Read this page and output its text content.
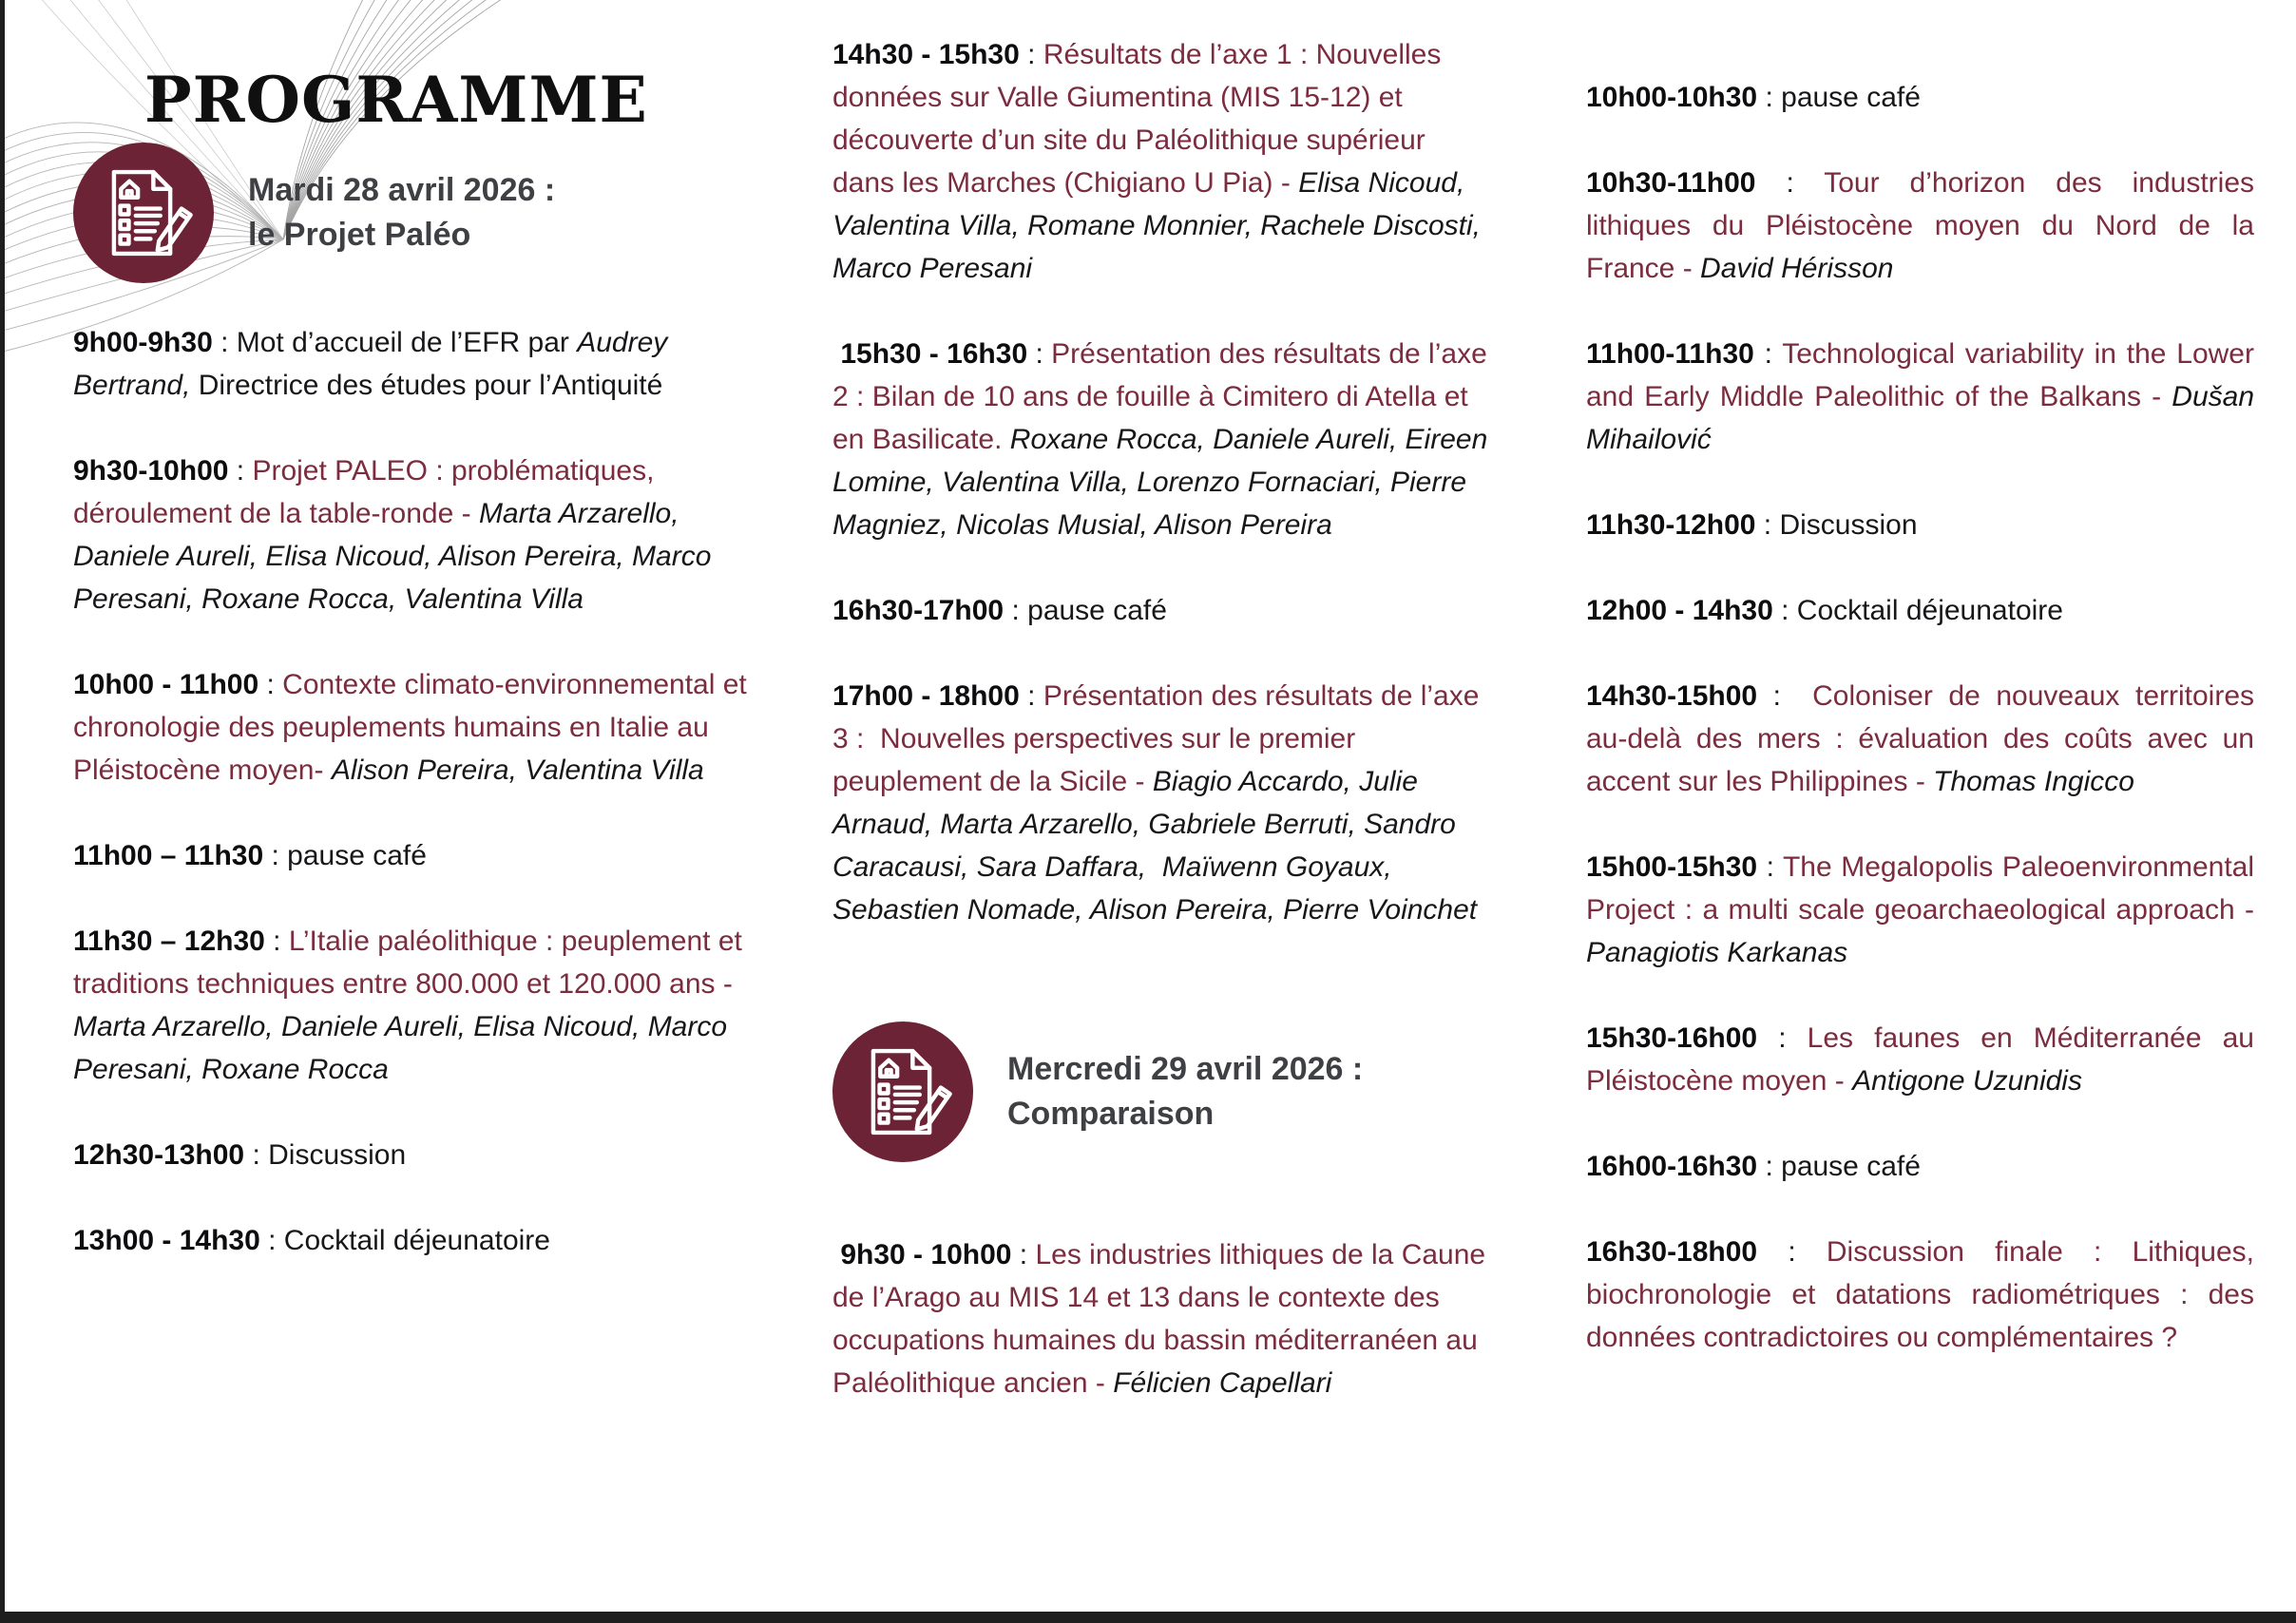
PROGRAMME
Mardi 28 avril 2026 :
le Projet Paléo

9h00-9h30 : Mot d’accueil de l’EFR par Audrey Bertrand, Directrice des études pour l’Antiquité

9h30-10h00 : Projet PALEO : problématiques, déroulement de la table-ronde - Marta Arzarello, Daniele Aureli, Elisa Nicoud, Alison Pereira, Marco Peresani, Roxane Rocca, Valentina Villa

10h00 - 11h00 : Contexte climato-environnemental et chronologie des peuplements humains en Italie au Pléistocène moyen- Alison Pereira, Valentina Villa

11h00 – 11h30 : pause café

11h30 – 12h30 : L’Italie paléolithique : peuplement et traditions techniques entre 800.000 et 120.000 ans - Marta Arzarello, Daniele Aureli, Elisa Nicoud, Marco Peresani, Roxane Rocca

12h30-13h00 : Discussion

13h00 - 14h30 : Cocktail déjeunatoire

14h30 - 15h30 : Résultats de l’axe 1 : Nouvelles données sur Valle Giumentina (MIS 15-12) et découverte d’un site du Paléolithique supérieur dans les Marches (Chigiano U Pia) - Elisa Nicoud, Valentina Villa, Romane Monnier, Rachele Discosti, Marco Peresani

15h30 - 16h30 : Présentation des résultats de l’axe 2 : Bilan de 10 ans de fouille à Cimitero di Atella et en Basilicate. Roxane Rocca, Daniele Aureli, Eireen Lomine, Valentina Villa, Lorenzo Fornaciari, Pierre Magniez, Nicolas Musial, Alison Pereira

16h30-17h00 : pause café

17h00 - 18h00 : Présentation des résultats de l’axe 3 :  Nouvelles perspectives sur le premier peuplement de la Sicile - Biagio Accardo, Julie Arnaud, Marta Arzarello, Gabriele Berruti, Sandro Caracausi, Sara Daffara,  Maïwenn Goyaux,  Sebastien Nomade, Alison Pereira, Pierre Voinchet

Mercredi 29 avril 2026 :
Comparaison

9h30 - 10h00 : Les industries lithiques de la Caune de l’Arago au MIS 14 et 13 dans le contexte des occupations humaines du bassin méditerranéen au Paléolithique ancien - Félicien Capellari

10h00-10h30 : pause café

10h30-11h00 : Tour d’horizon des industries lithiques du Pléistocène moyen du Nord de la France - David Hérisson

11h00-11h30 : Technological variability in the Lower and Early Middle Paleolithic of the Balkans - Dušan Mihailović

11h30-12h00 : Discussion

12h00 - 14h30 : Cocktail déjeunatoire

14h30-15h00 :  Coloniser de nouveaux territoires au-delà des mers : évaluation des coûts avec un accent sur les Philippines - Thomas Ingicco

15h00-15h30 : The Megalopolis Paleoenvironmental Project : a multi scale geoarchaeological approach - Panagiotis Karkanas

15h30-16h00 : Les faunes en Méditerranée au Pléistocène moyen - Antigone Uzunidis

16h00-16h30 : pause café

16h30-18h00 : Discussion finale : Lithiques, biochronologie et datations radiométriques : des données contradictoires ou complémentaires ?
